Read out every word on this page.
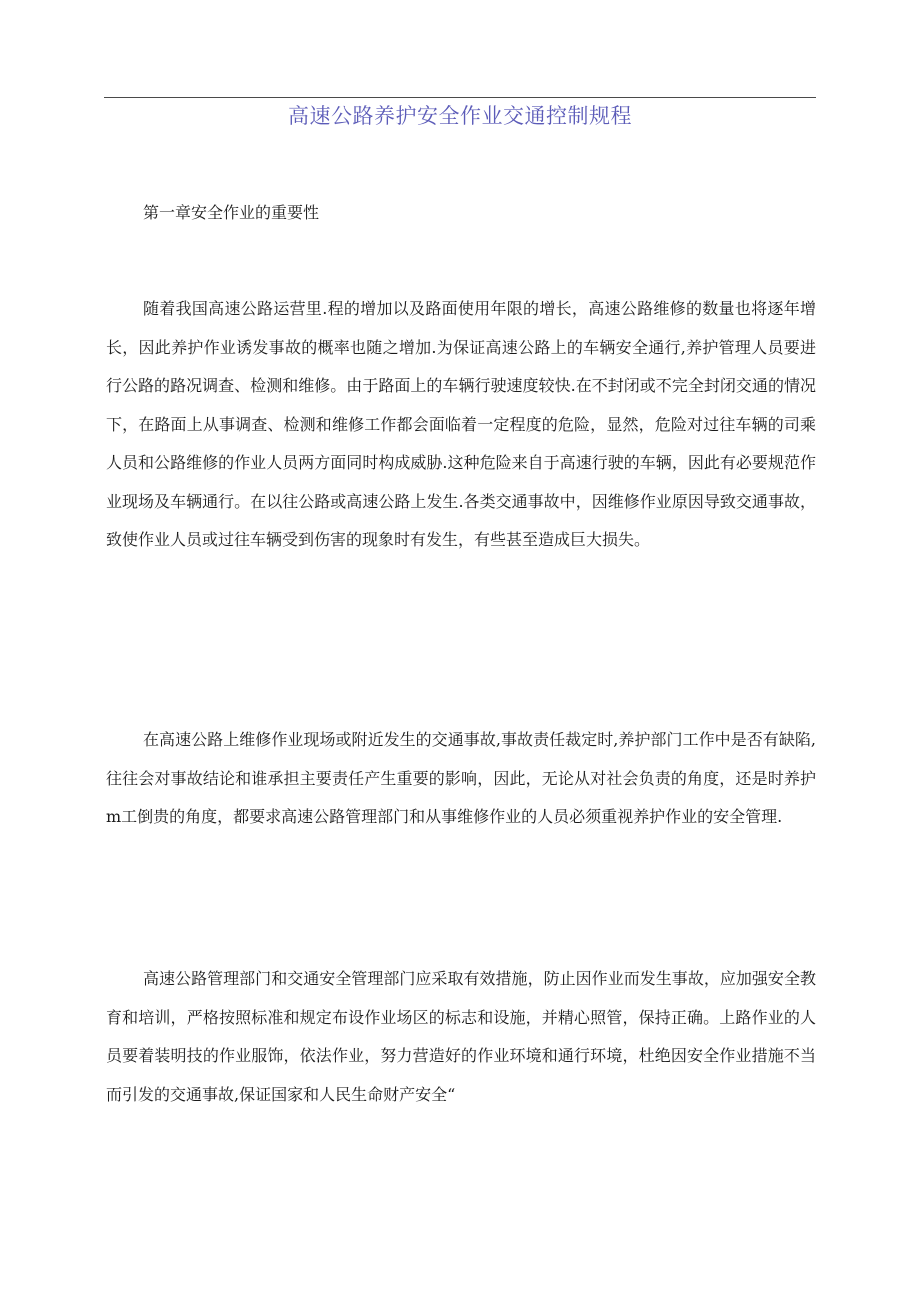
高速公路养护安全作业交通控制规程
第一章安全作业的重要性

随着我国高速公路运营里.程的增加以及路面使用年限的增长，高速公路维修的数量也将逐年增长，因此养护作业诱发事故的概率也随之增加.为保证高速公路上的车辆安全通行,养护管理人员要进行公路的路况调查、检测和维修。由于路面上的车辆行驶速度较快.在不封闭或不完全封闭交通的情况下，在路面上从事调查、检测和维修工作都会面临着一定程度的危险，显然，危险对过往车辆的司乘人员和公路维修的作业人员两方面同时构成威胁.这种危险来自于高速行驶的车辆，因此有必要规范作业现场及车辆通行。在以往公路或高速公路上发生.各类交通事故中，因维修作业原因导致交通事故，致使作业人员或过往车辆受到伤害的现象时有发生，有些甚至造成巨大损失。

在高速公路上维修作业现场或附近发生的交通事故,事故责任裁定时,养护部门工作中是否有缺陷,往往会对事故结论和谁承担主要责任产生重要的影响，因此，无论从对社会负责的角度，还是时养护m工倒贵的角度，都要求高速公路管理部门和从事维修作业的人员必须重视养护作业的安全管理.

高速公路管理部门和交通安全管理部门应采取有效措施，防止因作业而发生事故，应加强安全教育和培训，严格按照标准和规定布设作业场区的标志和设施，并精心照管，保持正确。上路作业的人员要着装明技的作业服饰，依法作业，努力营造好的作业环境和通行环境，杜绝因安全作业措施不当而引发的交通事故,保证国家和人民生命财产安全“
